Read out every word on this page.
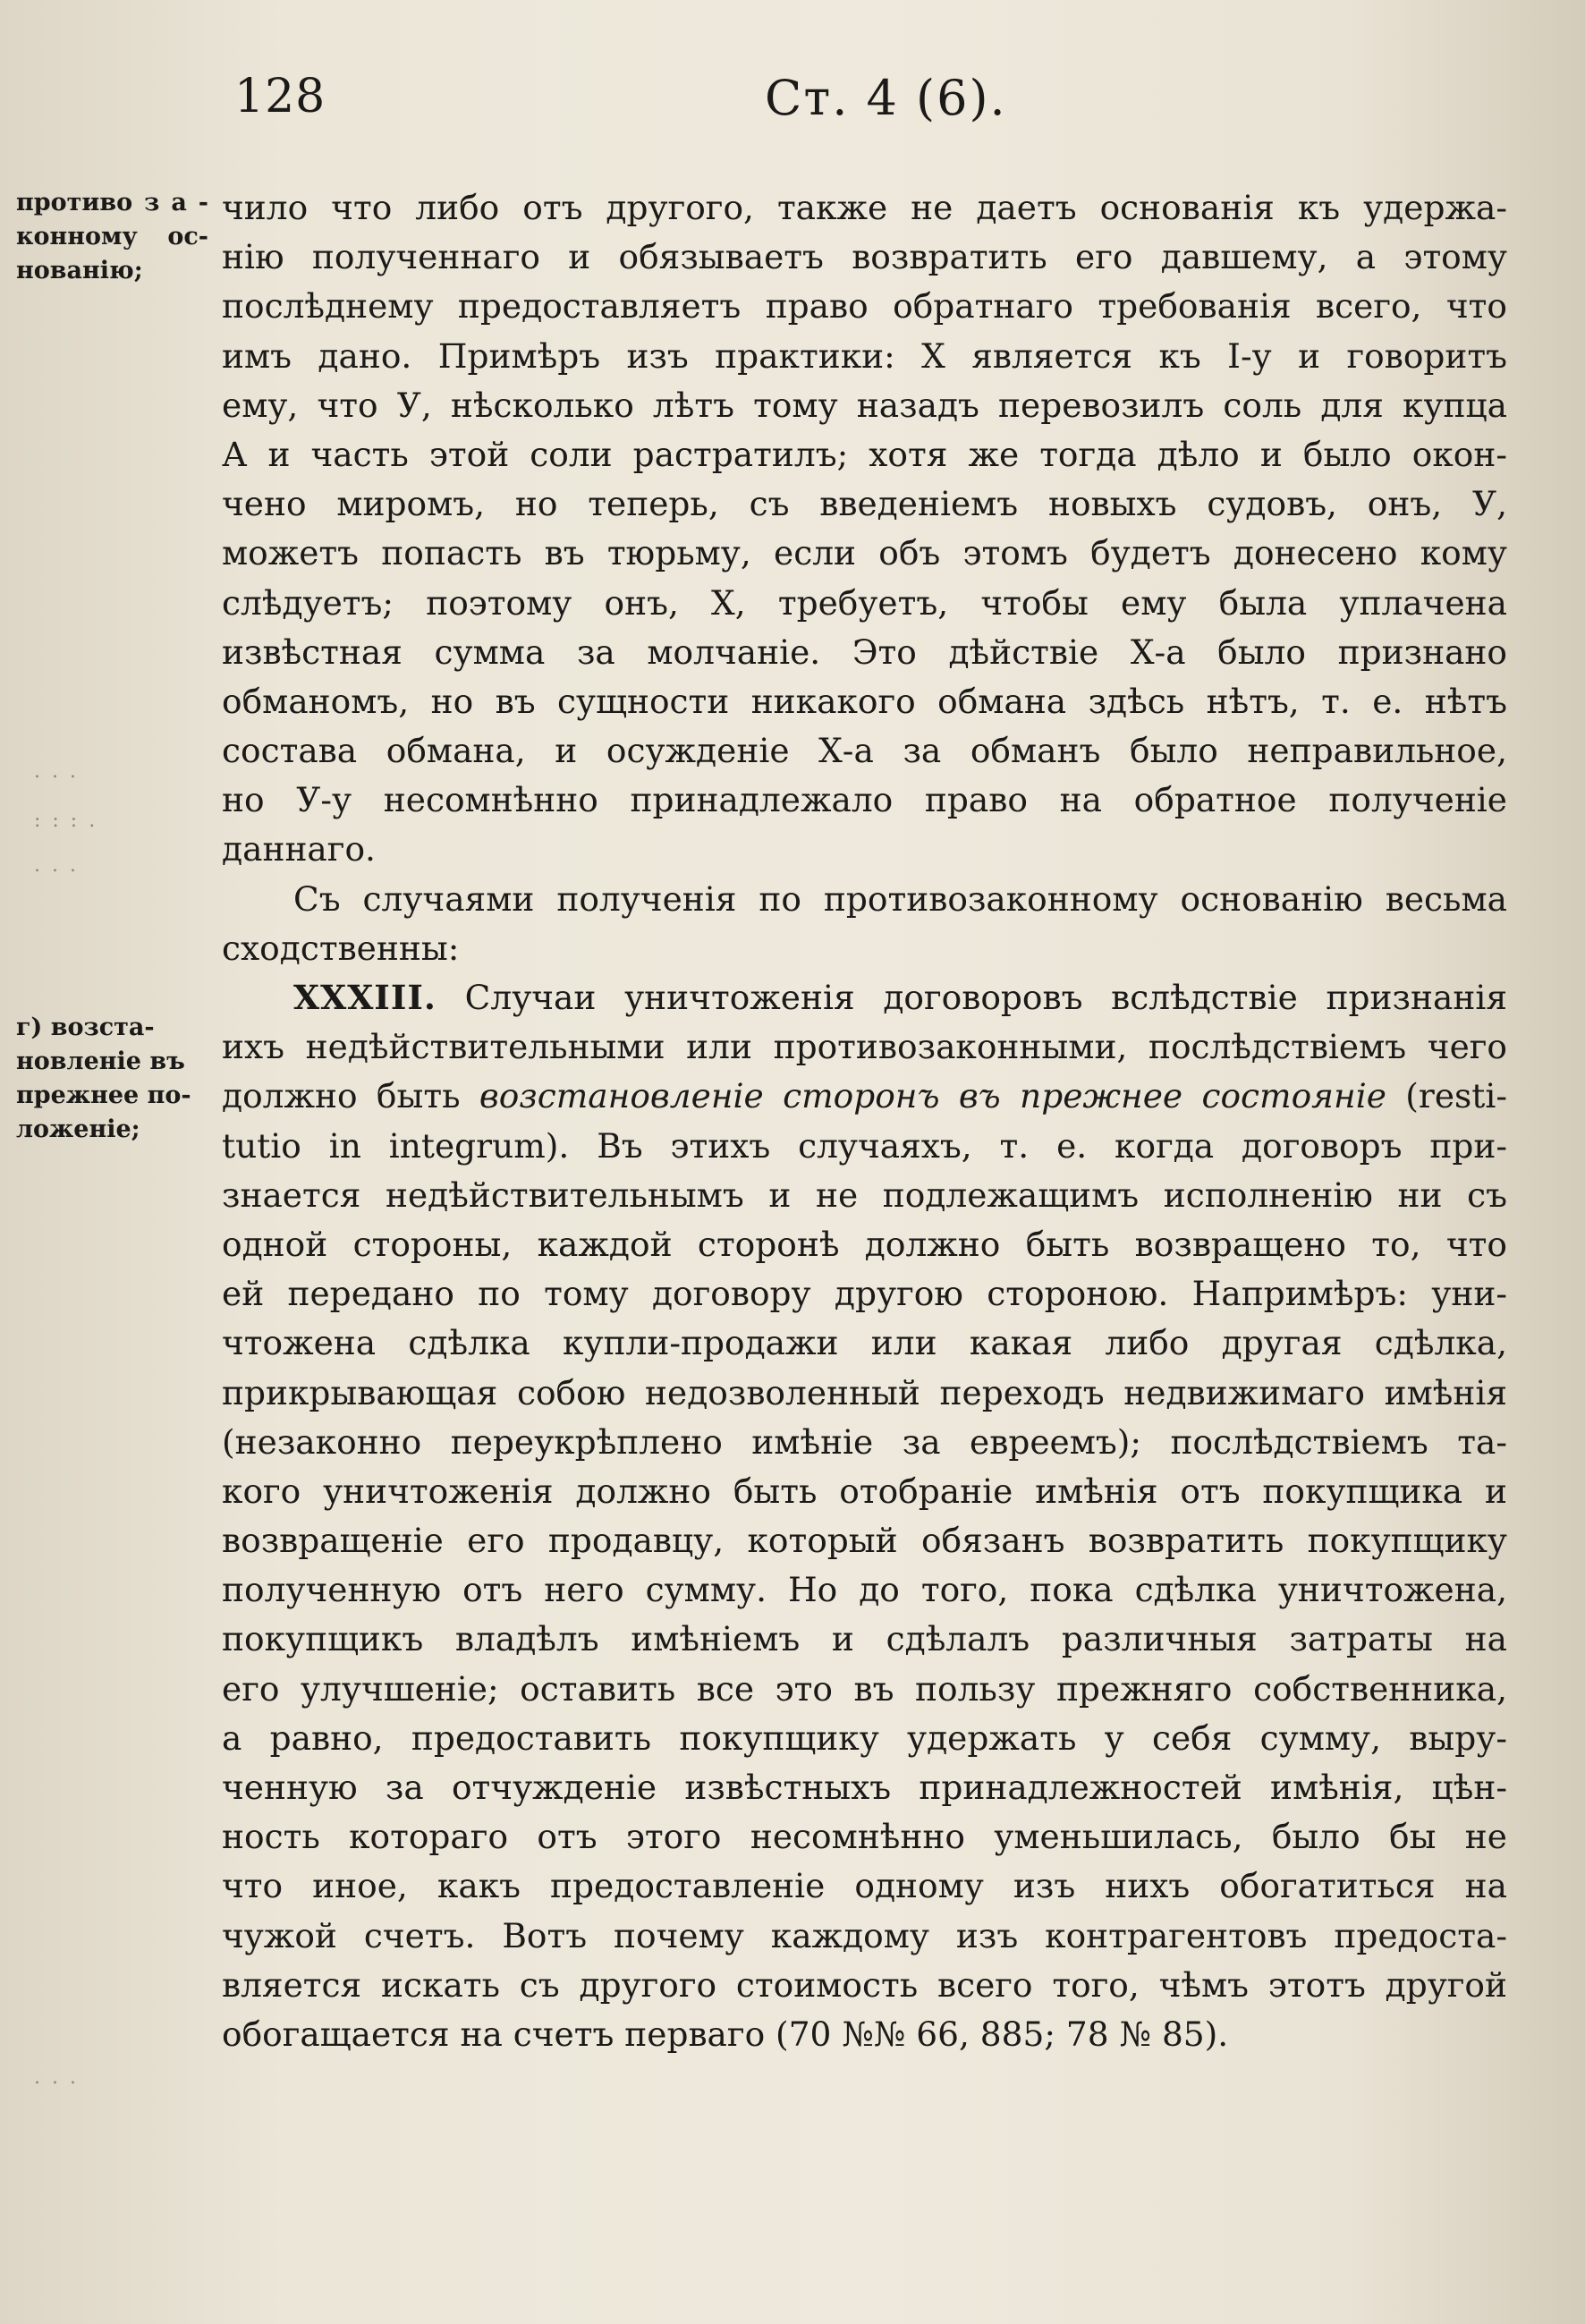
128	Ст. 4 (6).
противо з а -
конному ос-
нованію;
г) возста-
новленіе въ
прежнее по-
ложеніе;
. . .
: : : .
. . .
. . .
чило что либо отъ другого, также не даетъ основанія къ удержа-
нію полученнаго и обязываетъ возвратить его давшему, а этому
послѣднему предоставляетъ право обратнаго требованія всего, что
имъ дано. Примѣръ изъ практики: Х является къ І-у и говоритъ
ему, что У, нѣсколько лѣтъ тому назадъ перевозилъ соль для купца
А и часть этой соли растратилъ; хотя же тогда дѣло и было окон-
чено миромъ, но теперь, съ введеніемъ новыхъ судовъ, онъ, У,
можетъ попасть въ тюрьму, если объ этомъ будетъ донесено кому
слѣдуетъ; поэтому онъ, Х, требуетъ, чтобы ему была уплачена
извѣстная сумма за молчаніе. Это дѣйствіе Х-а было признано
обманомъ, но въ сущности никакого обмана здѣсь нѣтъ, т. е. нѣтъ
состава обмана, и осужденіе Х-а за обманъ было неправильное,
но У-у несомнѣнно принадлежало право на обратное полученіе
даннаго.
Съ случаями полученія по противозаконному основанію весьма
сходственны:
XXXIII. Случаи уничтоженія договоровъ вслѣдствіе признанія
ихъ недѣйствительными или противозаконными, послѣдствіемъ чего
должно быть возстановленіе сторонъ въ прежнее состояніе (resti-
tutio in integrum). Въ этихъ случаяхъ, т. е. когда договоръ при-
знается недѣйствительнымъ и не подлежащимъ исполненію ни съ
одной стороны, каждой сторонѣ должно быть возвращено то, что
ей передано по тому договору другою стороною. Напримѣръ: уни-
чтожена сдѣлка купли-продажи или какая либо другая сдѣлка,
прикрывающая собою недозволенный переходъ недвижимаго имѣнія
(незаконно переукрѣплено имѣніе за евреемъ); послѣдствіемъ та-
кого уничтоженія должно быть отобраніе имѣнія отъ покупщика и
возвращеніе его продавцу, который обязанъ возвратить покупщику
полученную отъ него сумму. Но до того, пока сдѣлка уничтожена,
покупщикъ владѣлъ имѣніемъ и сдѣлалъ различныя затраты на
его улучшеніе; оставить все это въ пользу прежняго собственника,
а равно, предоставить покупщику удержать у себя сумму, выру-
ченную за отчужденіе извѣстныхъ принадлежностей имѣнія, цѣн-
ность котораго отъ этого несомнѣнно уменьшилась, было бы не
что иное, какъ предоставленіе одному изъ нихъ обогатиться на
чужой счетъ. Вотъ почему каждому изъ контрагентовъ предоста-
вляется искать съ другого стоимость всего того, чѣмъ этотъ другой
обогащается на счетъ перваго (70 №№ 66, 885; 78 № 85).
